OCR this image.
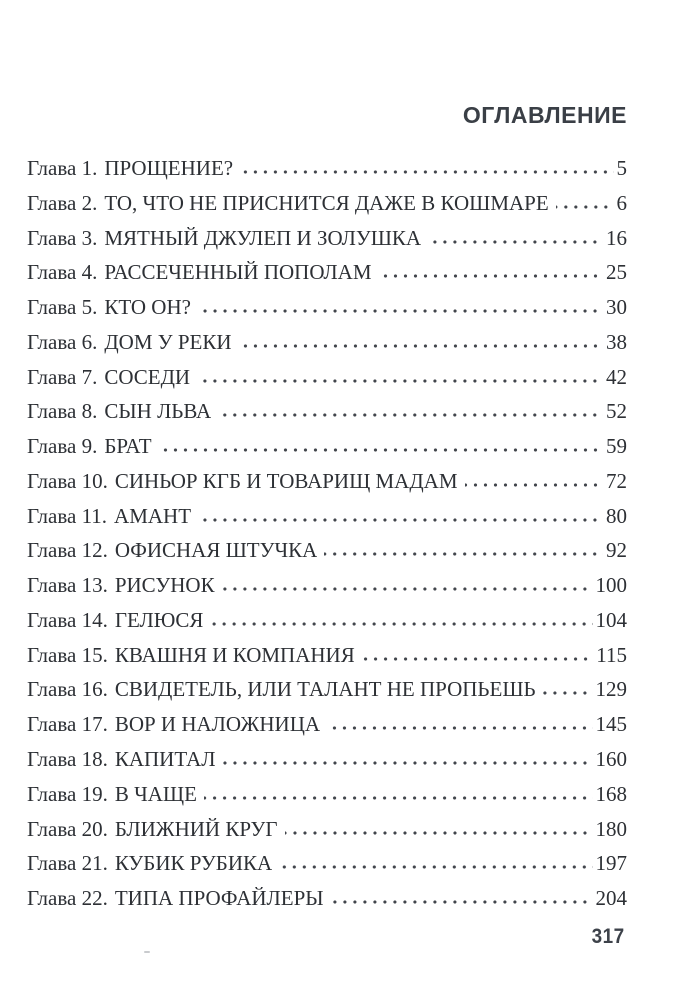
ОГЛАВЛЕНИЕ
Глава 1. ПРОЩЕНИЕ?	5
Глава 2. ТО, ЧТО НЕ ПРИСНИТСЯ ДАЖЕ В КОШМАРЕ	6
Глава 3. МЯТНЫЙ ДЖУЛЕП И ЗОЛУШКА	16
Глава 4. РАССЕЧЕННЫЙ ПОПОЛАМ	25
Глава 5. КТО ОН?	30
Глава 6. ДОМ У РЕКИ	38
Глава 7. СОСЕДИ	42
Глава 8. СЫН ЛЬВА	52
Глава 9. БРАТ	59
Глава 10. СИНЬОР КГБ И ТОВАРИЩ МАДАМ	72
Глава 11. АМАНТ	80
Глава 12. ОФИСНАЯ ШТУЧКА	92
Глава 13. РИСУНОК	100
Глава 14. ГЕЛЮСЯ	104
Глава 15. КВАШНЯ И КОМПАНИЯ	115
Глава 16. СВИДЕТЕЛЬ, ИЛИ ТАЛАНТ НЕ ПРОПЬЕШЬ	129
Глава 17. ВОР И НАЛОЖНИЦА	145
Глава 18. КАПИТАЛ	160
Глава 19. В ЧАЩЕ	168
Глава 20. БЛИЖНИЙ КРУГ	180
Глава 21. КУБИК РУБИКА	197
Глава 22. ТИПА ПРОФАЙЛЕРЫ	204
317
